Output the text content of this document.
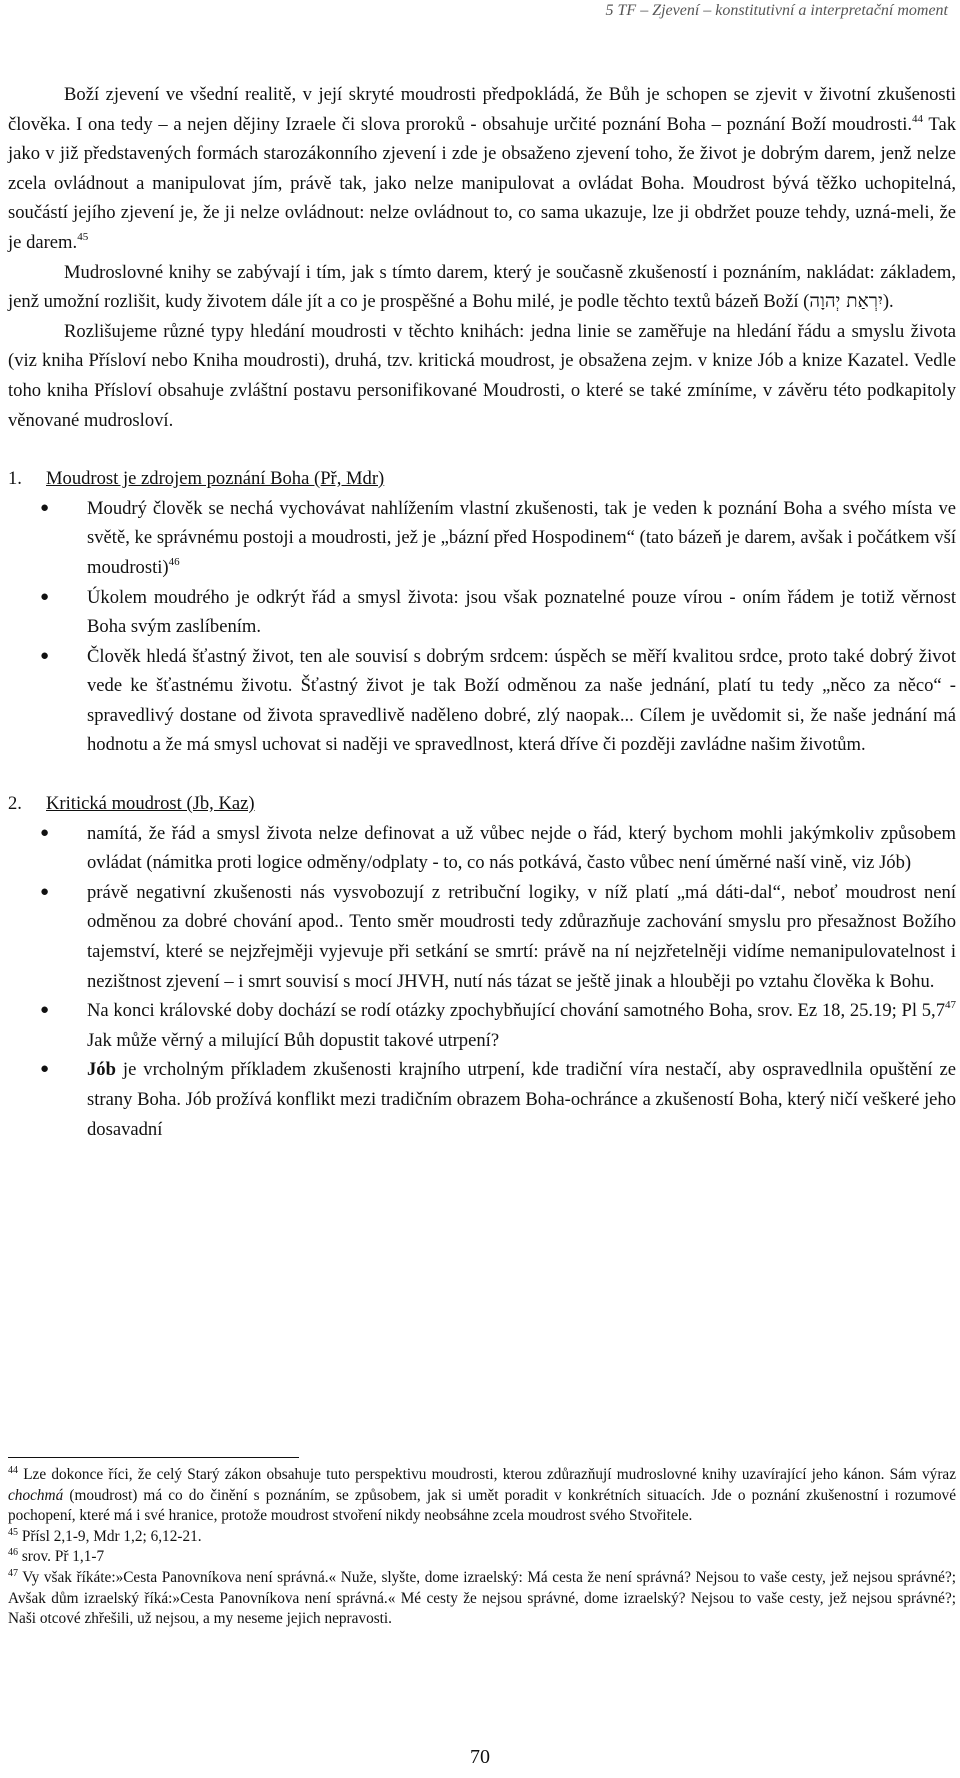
5 TF – Zjevení – konstitutivní a interpretační moment

Boží zjevení ve všední realitě, v její skryté moudrosti předpokládá, že Bůh je schopen se zjevit v životní zkušenosti člověka. I ona tedy – a nejen dějiny Izraele či slova proroků - obsahuje určité poznání Boha – poznání Boží moudrosti.$^{44}$ Tak jako v již představených formách starozákonního zjevení i zde je obsaženo zjevení toho, že život je dobrým darem, jenž nelze zcela ovládnout a manipulovat jím, právě tak, jako nelze manipulovat a ovládat Boha. Moudrost bývá těžko uchopitelná, součástí jejího zjevení je, že ji nelze ovládnout: nelze ovládnout to, co sama ukazuje, lze ji obdržet pouze tehdy, uzná-meli, že je darem.$^{45}$

Mudroslovné knihy se zabývají i tím, jak s tímto darem, který je současně zkušeností i poznáním, nakládat: základem, jenž umožní rozlišit, kudy životem dále jít a co je prospěšné a Bohu milé, je podle těchto textů bázeň Boží (יִרְאַת יְהוָה).

Rozlišujeme různé typy hledání moudrosti v těchto knihách: jedna linie se zaměřuje na hledání řádu a smyslu života (viz kniha Přísloví nebo Kniha moudrosti), druhá, tzv. kritická moudrost, je obsažena zejm. v knize Jób a knize Kazatel. Vedle toho kniha Přísloví obsahuje zvláštní postavu personifikované Moudrosti, o které se také zmíníme, v závěru této podkapitoly věnované mudrosloví.

1.	Moudrost je zdrojem poznání Boha (Př, Mdr)
● Moudrý člověk se nechá vychovávat nahlížením vlastní zkušenosti, tak je veden k poznání Boha a svého místa ve světě, ke správnému postoji a moudrosti, jež je „bázní před Hospodinem“ (tato bázeň je darem, avšak i počátkem vší moudrosti)$^{46}$
● Úkolem moudrého je odkrýt řád a smysl života: jsou však poznatelné pouze vírou - oním řádem je totiž věrnost Boha svým zaslíbením.
● Člověk hledá šťastný život, ten ale souvisí s dobrým srdcem: úspěch se měří kvalitou srdce, proto také dobrý život vede ke šťastnému životu. Šťastný život je tak Boží odměnou za naše jednání, platí tu tedy „něco za něco“ - spravedlivý dostane od života spravedlivě naděleno dobré, zlý naopak... Cílem je uvědomit si, že naše jednání má hodnotu a že má smysl uchovat si naději ve spravedlnost, která dříve či později zavládne našim životům.
2.	Kritická moudrost (Jb, Kaz)
● namítá, že řád a smysl života nelze definovat a už vůbec nejde o řád, který bychom mohli jakýmkoliv způsobem ovládat (námitka proti logice odměny/odplaty - to, co nás potkává, často vůbec není úměrné naší vině, viz Jób)
● právě negativní zkušenosti nás vysvobozují z retribuční logiky, v níž platí „má dáti-dal“, neboť moudrost není odměnou za dobré chování apod.. Tento směr moudrosti tedy zdůrazňuje zachování smyslu pro přesažnost Božího tajemství, které se nejzřejměji vyjevuje při setkání se smrtí: právě na ní nejzřetelněji vidíme nemanipulovatelnost i nezištnost zjevení – i smrt souvisí s mocí JHVH, nutí nás tázat se ještě jinak a hlouběji po vztahu člověka k Bohu.
● Na konci královské doby dochází se rodí otázky zpochybňující chování samotného Boha, srov. Ez 18, 25.19; Pl $5,7^{47}$ Jak může věrný a milující Bůh dopustit takové utrpení?
● Jób je vrcholným příkladem zkušenosti krajního utrpení, kde tradiční víra nestačí, aby ospravedlnila opuštění ze strany Boha. Jób prožívá konflikt mezi tradičním obrazem Boha-ochránce a zkušeností Boha, který ničí veškeré jeho dosavadní

$^{44}$ Lze dokonce říci, že celý Starý zákon obsahuje tuto perspektivu moudrosti, kterou zdůrazňují mudroslovné knihy uzavírající jeho kánon. Sám výraz chochmá (moudrost) má co do činění s poznáním, se způsobem, jak si umět poradit v konkrétních situacích. Jde o poznání zkušenostní i rozumové pochopení, které má i své hranice, protože moudrost stvoření nikdy neobsáhne zcela moudrost svého Stvořitele.

$^{45}$ Přísl 2,1-9, Mdr 1,2; 6,12-21.

$^{46}$ srov. Př 1,1-7

$^{47}$ Vy však říkáte:»Cesta Panovníkova není správná.« Nuže, slyšte, dome izraelský: Má cesta že není správná? Nejsou to vaše cesty, jež nejsou správné?; Avšak dům izraelský říká:»Cesta Panovníkova není správná.« Mé cesty že nejsou správné, dome izraelský? Nejsou to vaše cesty, jež nejsou správné?; Naši otcové zhřešili, už nejsou, a my neseme jejich nepravosti.

70
